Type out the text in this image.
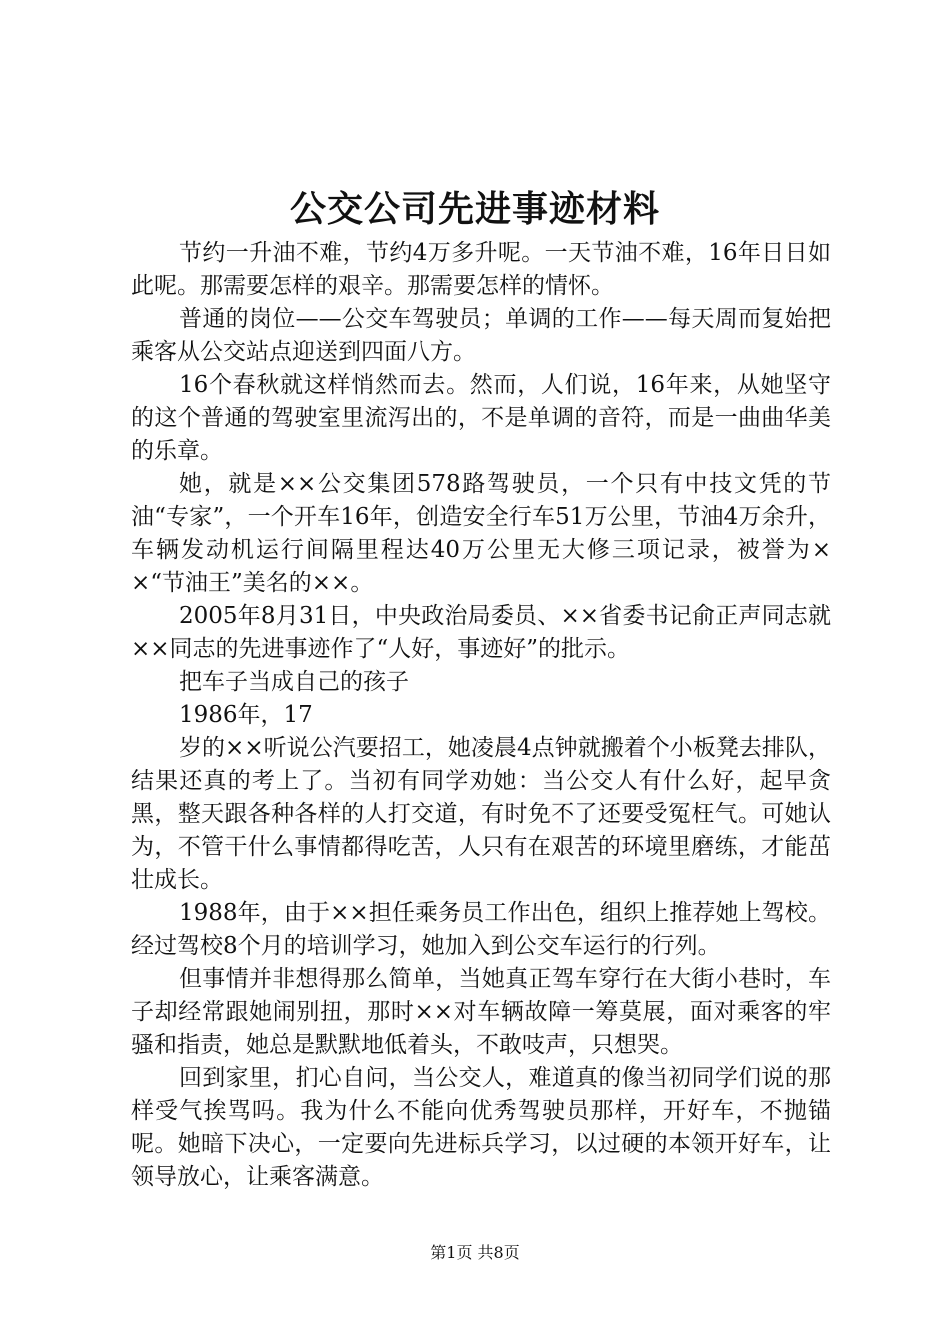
公交公司先进事迹材料

节约一升油不难，节约4万多升呢。一天节油不难，16年日日如此呢。那需要怎样的艰辛。那需要怎样的情怀。

普通的岗位——公交车驾驶员；单调的工作——每天周而复始把乘客从公交站点迎送到四面八方。

16个春秋就这样悄然而去。然而，人们说，16年来，从她坚守的这个普通的驾驶室里流泻出的，不是单调的音符，而是一曲曲华美的乐章。

她，就是××公交集团578路驾驶员，一个只有中技文凭的节油“专家”，一个开车16年，创造安全行车51万公里，节油4万余升，车辆发动机运行间隔里程达40万公里无大修三项记录，被誉为××“节油王”美名的××。

2005年8月31日，中央政治局委员、××省委书记俞正声同志就××同志的先进事迹作了“人好，事迹好”的批示。

把车子当成自己的孩子

1986年，17

岁的××听说公汽要招工，她凌晨4点钟就搬着个小板凳去排队，结果还真的考上了。当初有同学劝她：当公交人有什么好，起早贪黑，整天跟各种各样的人打交道，有时免不了还要受冤枉气。可她认为，不管干什么事情都得吃苦，人只有在艰苦的环境里磨练，才能茁壮成长。

1988年，由于××担任乘务员工作出色，组织上推荐她上驾校。经过驾校8个月的培训学习，她加入到公交车运行的行列。

但事情并非想得那么简单，当她真正驾车穿行在大街小巷时，车子却经常跟她闹别扭，那时××对车辆故障一筹莫展，面对乘客的牢骚和指责，她总是默默地低着头，不敢吱声，只想哭。

回到家里，扪心自问，当公交人，难道真的像当初同学们说的那样受气挨骂吗。我为什么不能向优秀驾驶员那样，开好车，不抛锚呢。她暗下决心，一定要向先进标兵学习，以过硬的本领开好车，让领导放心，让乘客满意。

第1页 共8页
